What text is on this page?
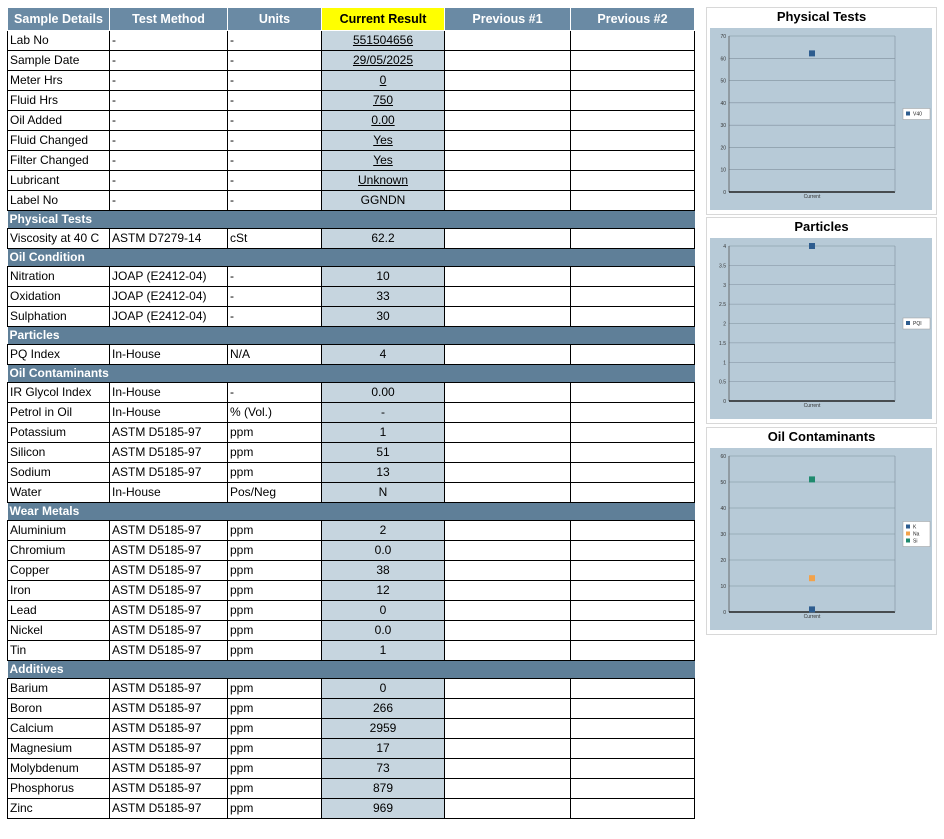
Sample Details	Test Method	Units	Current Result	Previous #1	Previous #2
Lab No	-	-	551504656		
Sample Date	-	-	29/05/2025		
Meter Hrs	-	-	0		
Fluid Hrs	-	-	750		
Oil Added	-	-	0.00		
Fluid Changed	-	-	Yes		
Filter Changed	-	-	Yes		
Lubricant	-	-	Unknown		
Label No	-	-	GGNDN		
Physical Tests					
Viscosity at 40 C	ASTM D7279-14	cSt	62.2		
Oil Condition					
Nitration	JOAP (E2412-04)	-	10		
Oxidation	JOAP (E2412-04)	-	33		
Sulphation	JOAP (E2412-04)	-	30		
Particles					
PQ Index	In-House	N/A	4		
Oil Contaminants					
IR Glycol Index	In-House	-	0.00		
Petrol in Oil	In-House	% (Vol.)	-		
Potassium	ASTM D5185-97	ppm	1		
Silicon	ASTM D5185-97	ppm	51		
Sodium	ASTM D5185-97	ppm	13		
Water	In-House	Pos/Neg	N		
Wear Metals					
Aluminium	ASTM D5185-97	ppm	2		
Chromium	ASTM D5185-97	ppm	0.0		
Copper	ASTM D5185-97	ppm	38		
Iron	ASTM D5185-97	ppm	12		
Lead	ASTM D5185-97	ppm	0		
Nickel	ASTM D5185-97	ppm	0.0		
Tin	ASTM D5185-97	ppm	1		
Additives					
Barium	ASTM D5185-97	ppm	0		
Boron	ASTM D5185-97	ppm	266		
Calcium	ASTM D5185-97	ppm	2959		
Magnesium	ASTM D5185-97	ppm	17		
Molybdenum	ASTM D5185-97	ppm	73		
Phosphorus	ASTM D5185-97	ppm	879		
Zinc	ASTM D5185-97	ppm	969		
Physical Tests
0
10
20
30
40
50
60
70
Current
V40
Particles
0
0.5
1
1.5
2
2.5
3
3.5
4
Current
PQI
Oil Contaminants
0
10
20
30
40
50
60
Current
K
Na
Si
